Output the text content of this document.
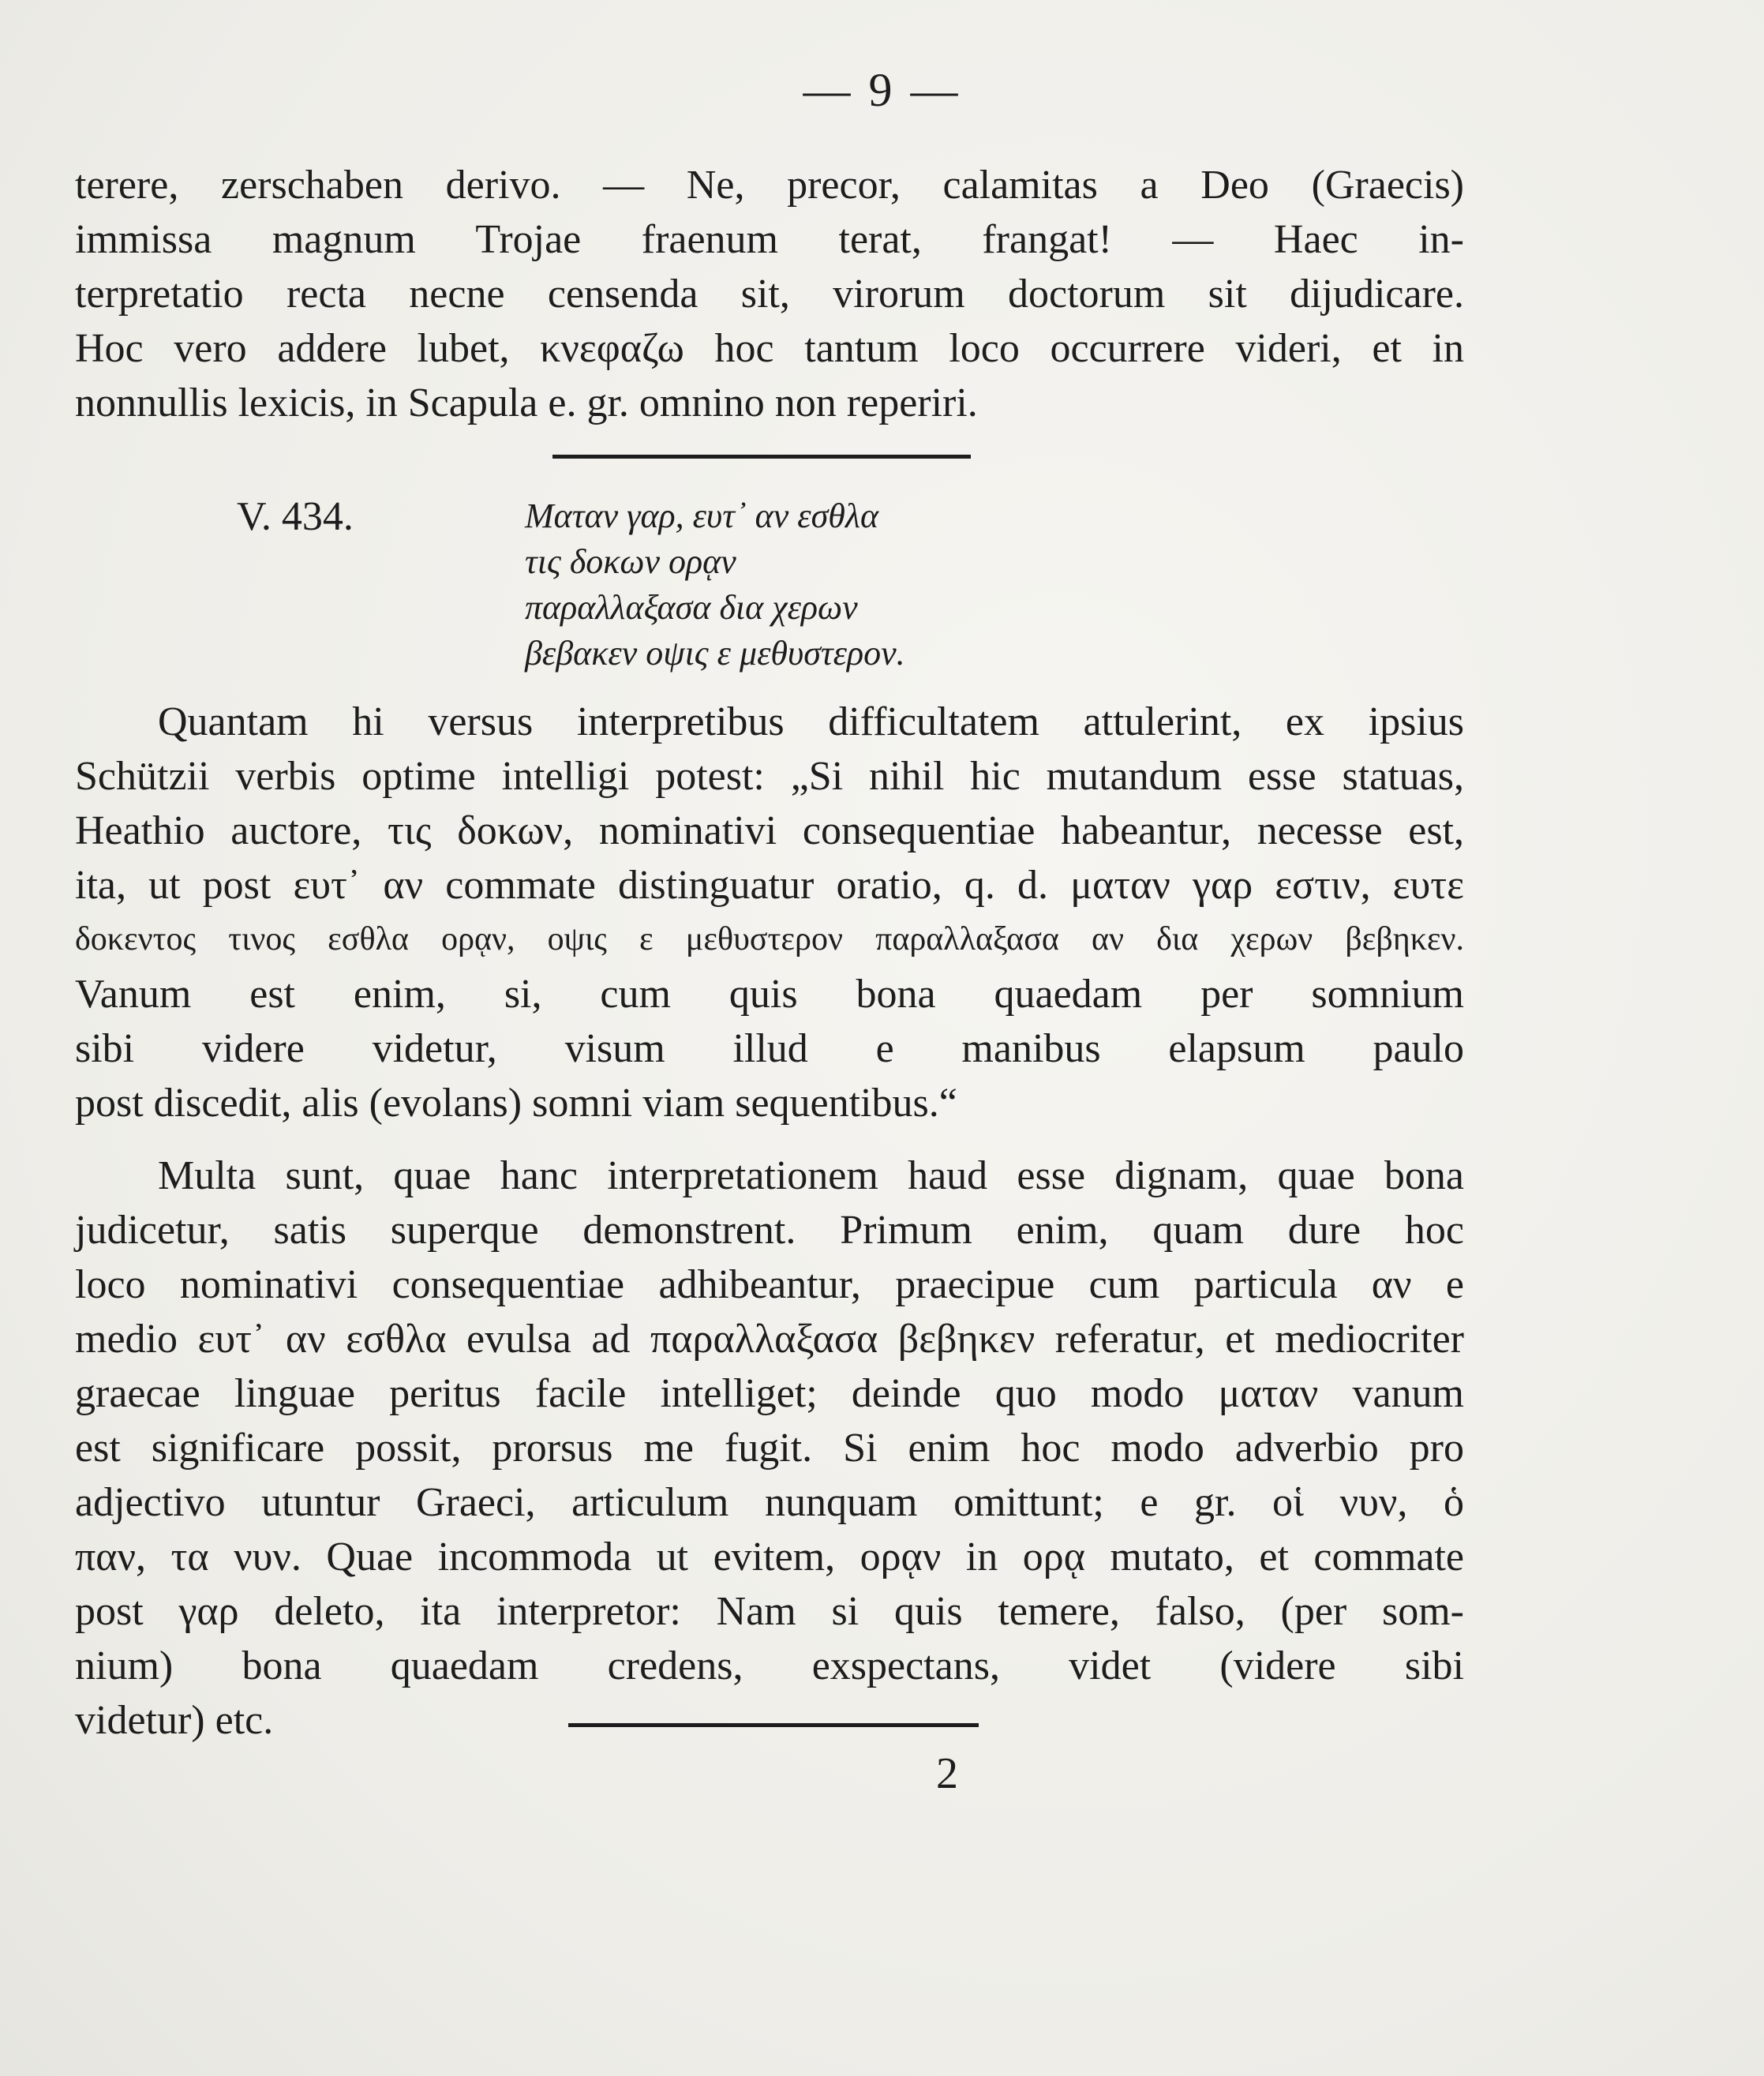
— 9 —
terere, zerschaben derivo. — Ne, precor, calamitas a Deo (Graecis)
immissa magnum Trojae fraenum terat, frangat! — Haec in-
terpretatio recta necne censenda sit, virorum doctorum sit dijudicare.
Hoc vero addere lubet, κνεφαζω hoc tantum loco occurrere videri, et in
nonnullis lexicis, in Scapula e. gr. omnino non reperiri.
V. 434.	Ματαν γαρ, ευτ᾽ αν εσθλα
τις δοκων ορᾳν
παραλλαξασα δια χερων
βεβακεν οψις ε μεθυστερον.
Quantam hi versus interpretibus difficultatem attulerint, ex ipsius
Schützii verbis optime intelligi potest: „Si nihil hic mutandum esse statuas,
Heathio auctore, τις δοκων, nominativi consequentiae habeantur, necesse est,
ita, ut post ευτ᾽ αν commate distinguatur oratio, q. d. ματαν γαρ εστιν, ευτε
δοκεντος τινος εσθλα ορᾳν, οψις ε μεθυστερον παραλλαξασα αν δια χερων βεβηκεν.
Vanum est enim, si, cum quis bona quaedam per somnium
sibi videre videtur, visum illud e manibus elapsum paulo
post discedit, alis (evolans) somni viam sequentibus.“
Multa sunt, quae hanc interpretationem haud esse dignam, quae bona
judicetur, satis superque demonstrent. Primum enim, quam dure hoc
loco nominativi consequentiae adhibeantur, praecipue cum particula αν e
medio ευτ᾽ αν εσθλα evulsa ad παραλλαξασα βεβηκεν referatur, et mediocriter
graecae linguae peritus facile intelliget; deinde quo modo ματαν vanum
est significare possit, prorsus me fugit. Si enim hoc modo adverbio pro
adjectivo utuntur Graeci, articulum nunquam omittunt; e gr. οἱ νυν, ὁ
παν, τα νυν. Quae incommoda ut evitem, ορᾳν in ορᾳ mutato, et commate
post γαρ deleto, ita interpretor: Nam si quis temere, falso, (per som-
nium) bona quaedam credens, exspectans, videt (videre sibi
videtur) etc.
2
